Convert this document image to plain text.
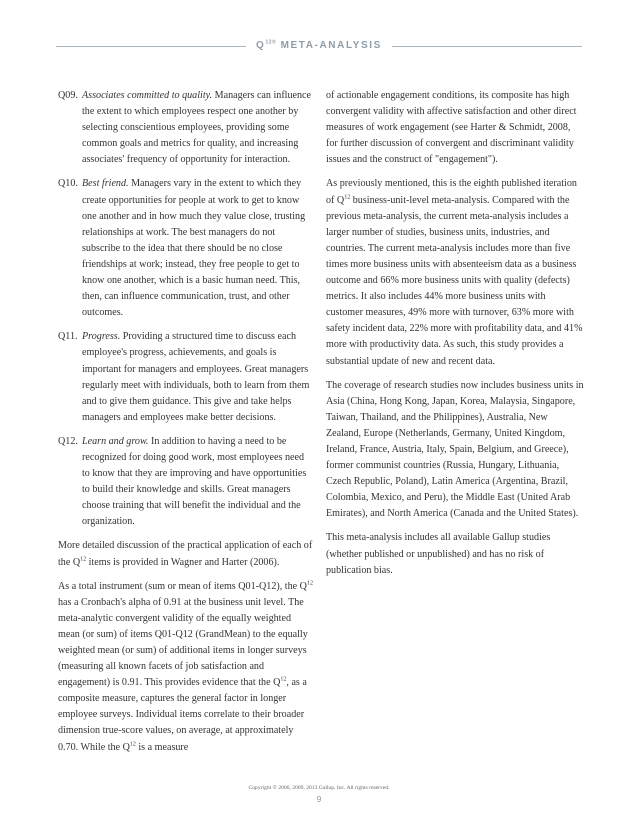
$Q^{12®}$ META-ANALYSIS
Q09. Associates committed to quality. Managers can influence the extent to which employees respect one another by selecting conscientious employees, providing some common goals and metrics for quality, and increasing associates' frequency of opportunity for interaction.
Q10. Best friend. Managers vary in the extent to which they create opportunities for people at work to get to know one another and in how much they value close, trusting relationships at work. The best managers do not subscribe to the idea that there should be no close friendships at work; instead, they free people to get to know one another, which is a basic human need. This, then, can influence communication, trust, and other outcomes.
Q11. Progress. Providing a structured time to discuss each employee's progress, achievements, and goals is important for managers and employees. Great managers regularly meet with individuals, both to learn from them and to give them guidance. This give and take helps managers and employees make better decisions.
Q12. Learn and grow. In addition to having a need to be recognized for doing good work, most employees need to know that they are improving and have opportunities to build their knowledge and skills. Great managers choose training that will benefit the individual and the organization.

More detailed discussion of the practical application of each of the $Q^{12}$ items is provided in Wagner and Harter (2006).

As a total instrument (sum or mean of items Q01-Q12), the $Q^{12}$ has a Cronbach's alpha of 0.91 at the business unit level. The meta-analytic convergent validity of the equally weighted mean (or sum) of items Q01-Q12 (GrandMean) to the equally weighted mean (or sum) of additional items in longer surveys (measuring all known facets of job satisfaction and engagement) is 0.91. This provides evidence that the $Q^{12}$, as a composite measure, captures the general factor in longer employee surveys. Individual items correlate to their broader dimension true-score values, on average, at approximately 0.70. While the $Q^{12}$ is a measure

of actionable engagement conditions, its composite has high convergent validity with affective satisfaction and other direct measures of work engagement (see Harter & Schmidt, 2008, for further discussion of convergent and discriminant validity issues and the construct of "engagement").

As previously mentioned, this is the eighth published iteration of $Q^{12}$ business-unit-level meta-analysis. Compared with the previous meta-analysis, the current meta-analysis includes a larger number of studies, business units, industries, and countries. The current meta-analysis includes more than five times more business units with absenteeism data as a business outcome and 66% more business units with quality (defects) metrics. It also includes 44% more business units with customer measures, 49% more with turnover, 63% more with safety incident data, 22% more with profitability data, and 41% more with productivity data. As such, this study provides a substantial update of new and recent data.

The coverage of research studies now includes business units in Asia (China, Hong Kong, Japan, Korea, Malaysia, Singapore, Taiwan, Thailand, and the Philippines), Australia, New Zealand, Europe (Netherlands, Germany, United Kingdom, Ireland, France, Austria, Italy, Spain, Belgium, and Greece), former communist countries (Russia, Hungary, Lithuania, Czech Republic, Poland), Latin America (Argentina, Brazil, Colombia, Mexico, and Peru), the Middle East (United Arab Emirates), and North America (Canada and the United States).

This meta-analysis includes all available Gallup studies (whether published or unpublished) and has no risk of publication bias.

Copyright © 2006, 2009, 2013 Gallup, Inc. All rights reserved.
9
